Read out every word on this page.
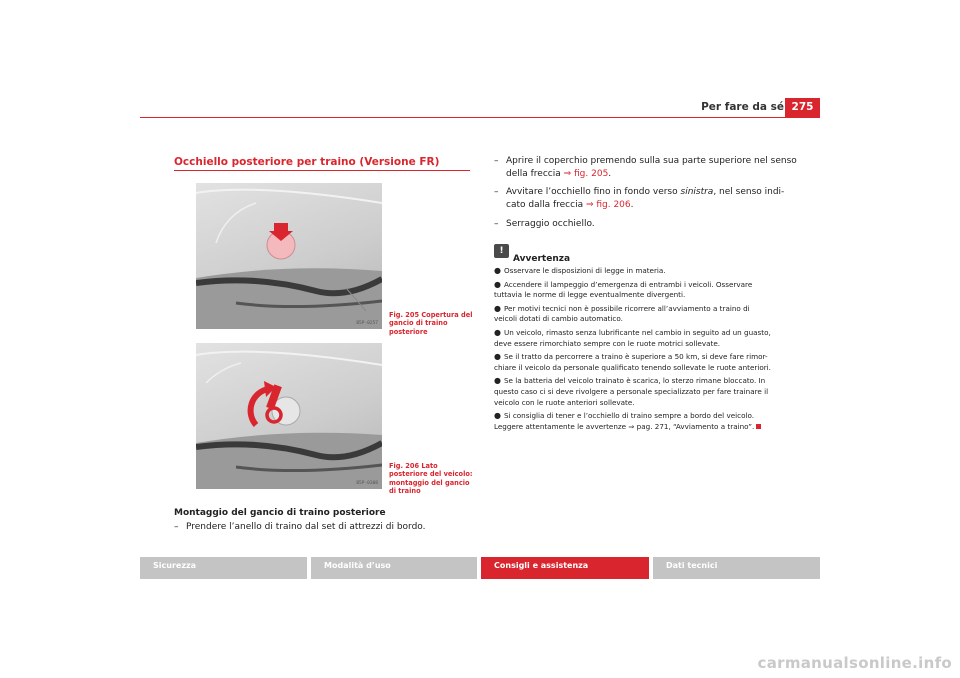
Per fare da sé 275
Occhiello posteriore per traino (Versione FR)
B5P-0257
Fig. 205 Copertura del gancio di traino posteriore
B5P-0308
Fig. 206 Lato posteriore del veicolo: montaggio del gancio di traino
Montaggio del gancio di traino posteriore
– Prendere l’anello di traino dal set di attrezzi di bordo.
– Aprire il coperchio premendo sulla sua parte superiore nel senso
della freccia ⇒ fig. 205.
– Avvitare l’occhiello fino in fondo verso sinistra, nel senso indi-
cato dalla freccia ⇒ fig. 206.
– Serraggio occhiello.
!
Avvertenza
● Osservare le disposizioni di legge in materia.
● Accendere il lampeggio d’emergenza di entrambi i veicoli. Osservare
tuttavia le norme di legge eventualmente divergenti.
● Per motivi tecnici non è possibile ricorrere all’avviamento a traino di
veicoli dotati di cambio automatico.
● Un veicolo, rimasto senza lubrificante nel cambio in seguito ad un guasto,
deve essere rimorchiato sempre con le ruote motrici sollevate.
● Se il tratto da percorrere a traino è superiore a 50 km, si deve fare rimor-
chiare il veicolo da personale qualificato tenendo sollevate le ruote anteriori.
● Se la batteria del veicolo trainato è scarica, lo sterzo rimane bloccato. In
questo caso ci si deve rivolgere a personale specializzato per fare trainare il
veicolo con le ruote anteriori sollevate.
● Si consiglia di tener e l’occhiello di traino sempre a bordo del veicolo.
Leggere attentamente le avvertenze ⇒ pag. 271, “Avviamento a traino”.
Sicurezza	Modalità d’uso	Consigli e assistenza	Dati tecnici
carmanualsonline.info
